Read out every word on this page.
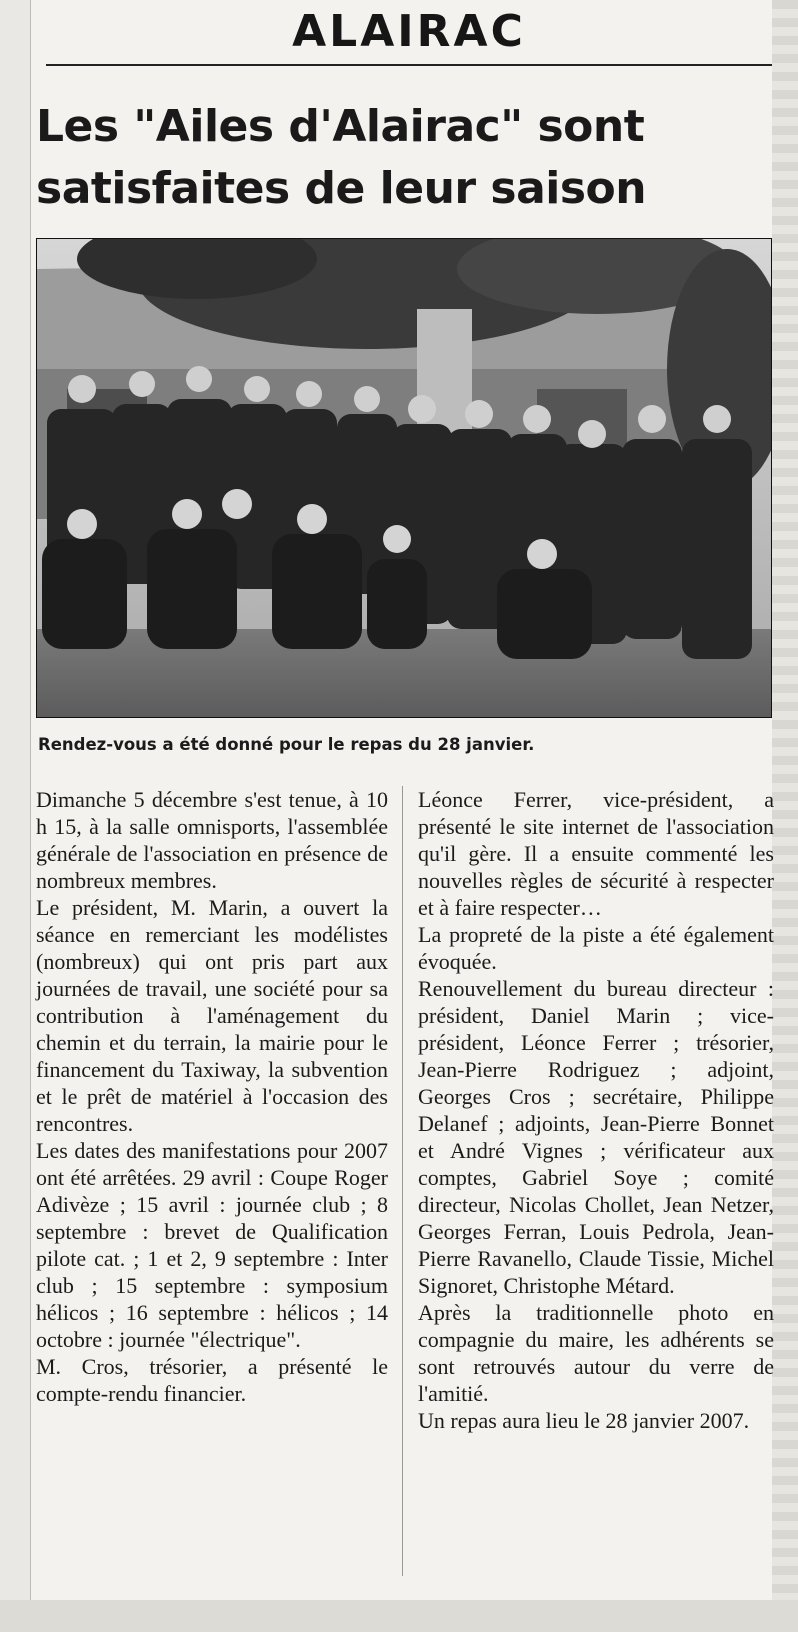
ALAIRAC
Les "Ailes d'Alairac" sont satisfaites de leur saison
Rendez-vous a été donné pour le repas du 28 janvier.

Dimanche 5 décembre s'est tenue, à 10 h 15, à la salle omnisports, l'assemblée générale de l'association en présence de nombreux membres.

Le président, M. Marin, a ouvert la séance en remerciant les modélistes (nombreux) qui ont pris part aux journées de travail, une société pour sa contribution à l'aménagement du chemin et du terrain, la mairie pour le financement du Taxiway, la subvention et le prêt de matériel à l'occasion des rencontres.

Les dates des manifestations pour 2007 ont été arrêtées. 29 avril : Coupe Roger Adivèze ; 15 avril : journée club ; 8 septembre : brevet de Qualification pilote cat. ; 1 et 2, 9 septembre : Inter club ; 15 septembre : symposium hélicos ; 16 septembre : hélicos ; 14 octobre : journée "électrique".

M. Cros, trésorier, a présenté le compte-rendu financier.

Léonce Ferrer, vice-président, a présenté le site internet de l'association qu'il gère. Il a ensuite commenté les nouvelles règles de sécurité à respecter et à faire respecter…

La propreté de la piste a été également évoquée.

Renouvellement du bureau directeur : président, Daniel Marin ; vice-président, Léonce Ferrer ; trésorier, Jean-Pierre Rodriguez ; adjoint, Georges Cros ; secrétaire, Philippe Delanef ; adjoints, Jean-Pierre Bonnet et André Vignes ; vérificateur aux comptes, Gabriel Soye ; comité directeur, Nicolas Chollet, Jean Netzer, Georges Ferran, Louis Pedrola, Jean-Pierre Ravanello, Claude Tissie, Michel Signoret, Christophe Métard.

Après la traditionnelle photo en compagnie du maire, les adhérents se sont retrouvés autour du verre de l'amitié.

Un repas aura lieu le 28 janvier 2007.
